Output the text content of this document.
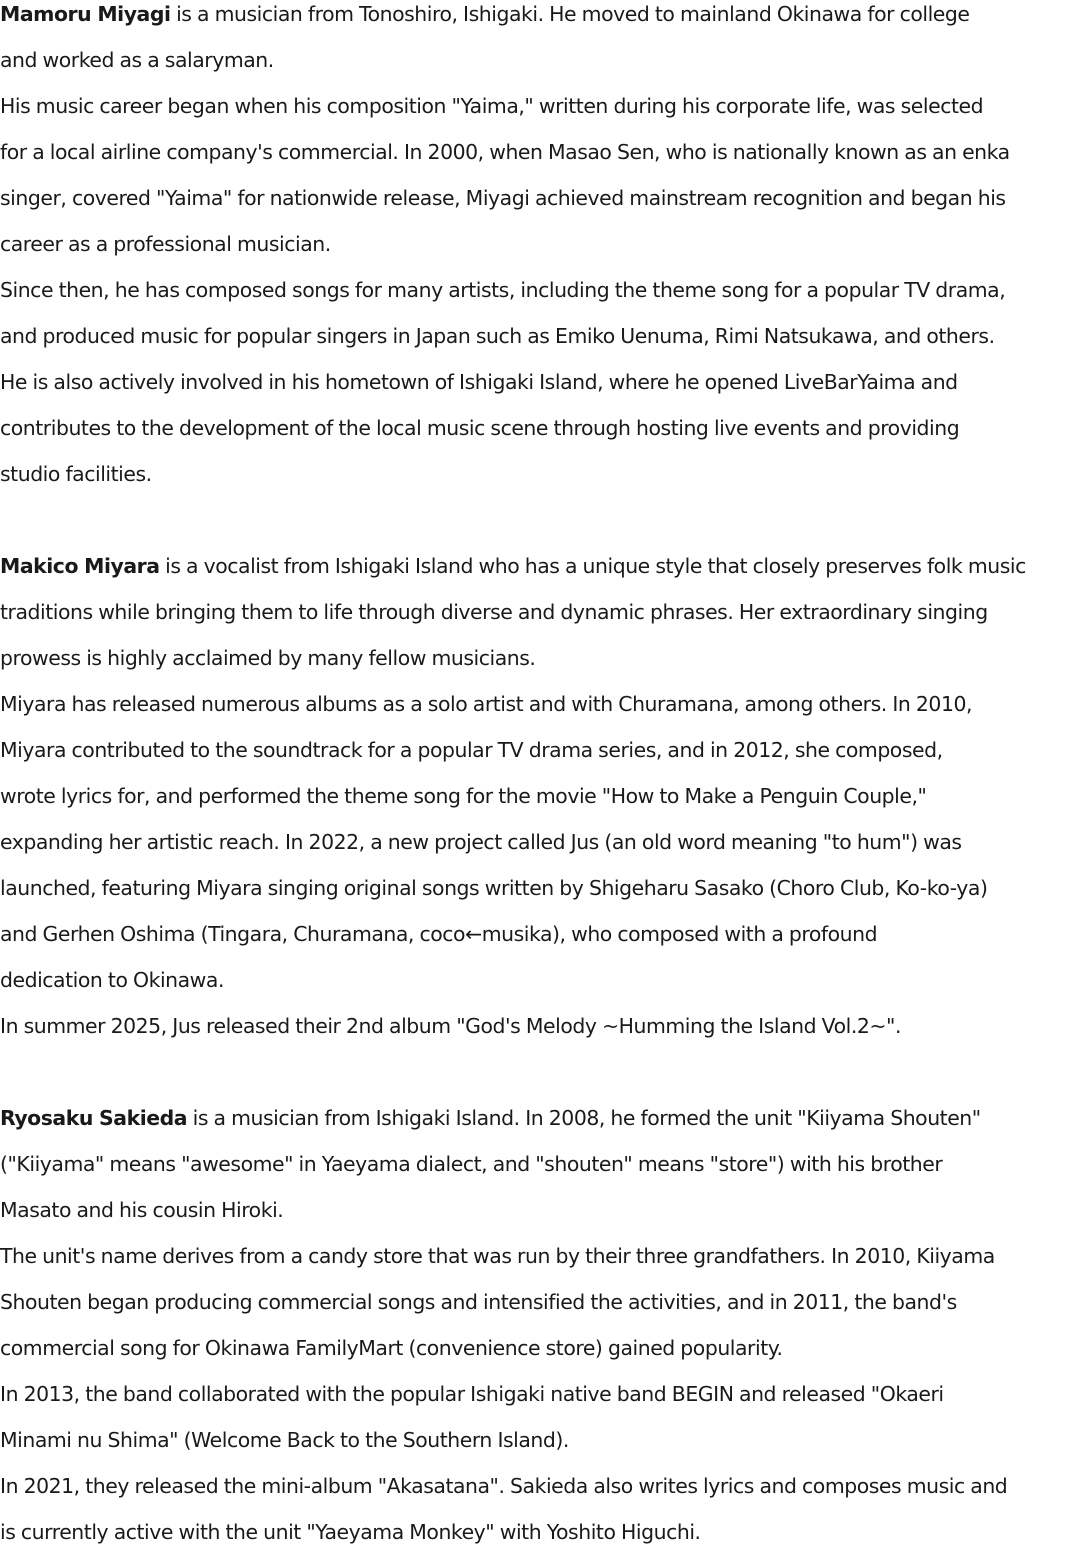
Mamoru Miyagi is a musician from Tonoshiro, Ishigaki. He moved to mainland Okinawa for college
and worked as a salaryman.
His music career began when his composition "Yaima," written during his corporate life, was selected
for a local airline company's commercial. In 2000, when Masao Sen, who is nationally known as an enka
singer, covered "Yaima" for nationwide release, Miyagi achieved mainstream recognition and began his
career as a professional musician.
Since then, he has composed songs for many artists, including the theme song for a popular TV drama,
and produced music for popular singers in Japan such as Emiko Uenuma, Rimi Natsukawa, and others.
He is also actively involved in his hometown of Ishigaki Island, where he opened LiveBarYaima and
contributes to the development of the local music scene through hosting live events and providing
studio facilities.
Makico Miyara is a vocalist from Ishigaki Island who has a unique style that closely preserves folk music
traditions while bringing them to life through diverse and dynamic phrases. Her extraordinary singing
prowess is highly acclaimed by many fellow musicians.
Miyara has released numerous albums as a solo artist and with Churamana, among others. In 2010,
Miyara contributed to the soundtrack for a popular TV drama series, and in 2012, she composed,
wrote lyrics for, and performed the theme song for the movie "How to Make a Penguin Couple,"
expanding her artistic reach. In 2022, a new project called Jus (an old word meaning "to hum") was
launched, featuring Miyara singing original songs written by Shigeharu Sasako (Choro Club, Ko-ko-ya)
and Gerhen Oshima (Tingara, Churamana, coco←musika), who composed with a profound
dedication to Okinawa.
In summer 2025, Jus released their 2nd album "God's Melody ~Humming the Island Vol.2~".
Ryosaku Sakieda is a musician from Ishigaki Island. In 2008, he formed the unit "Kiiyama Shouten"
("Kiiyama" means "awesome" in Yaeyama dialect, and "shouten" means "store") with his brother
Masato and his cousin Hiroki.
The unit's name derives from a candy store that was run by their three grandfathers. In 2010, Kiiyama
Shouten began producing commercial songs and intensified the activities, and in 2011, the band's
commercial song for Okinawa FamilyMart (convenience store) gained popularity.
In 2013, the band collaborated with the popular Ishigaki native band BEGIN and released "Okaeri
Minami nu Shima" (Welcome Back to the Southern Island).
In 2021, they released the mini-album "Akasatana". Sakieda also writes lyrics and composes music and
is currently active with the unit "Yaeyama Monkey" with Yoshito Higuchi.
